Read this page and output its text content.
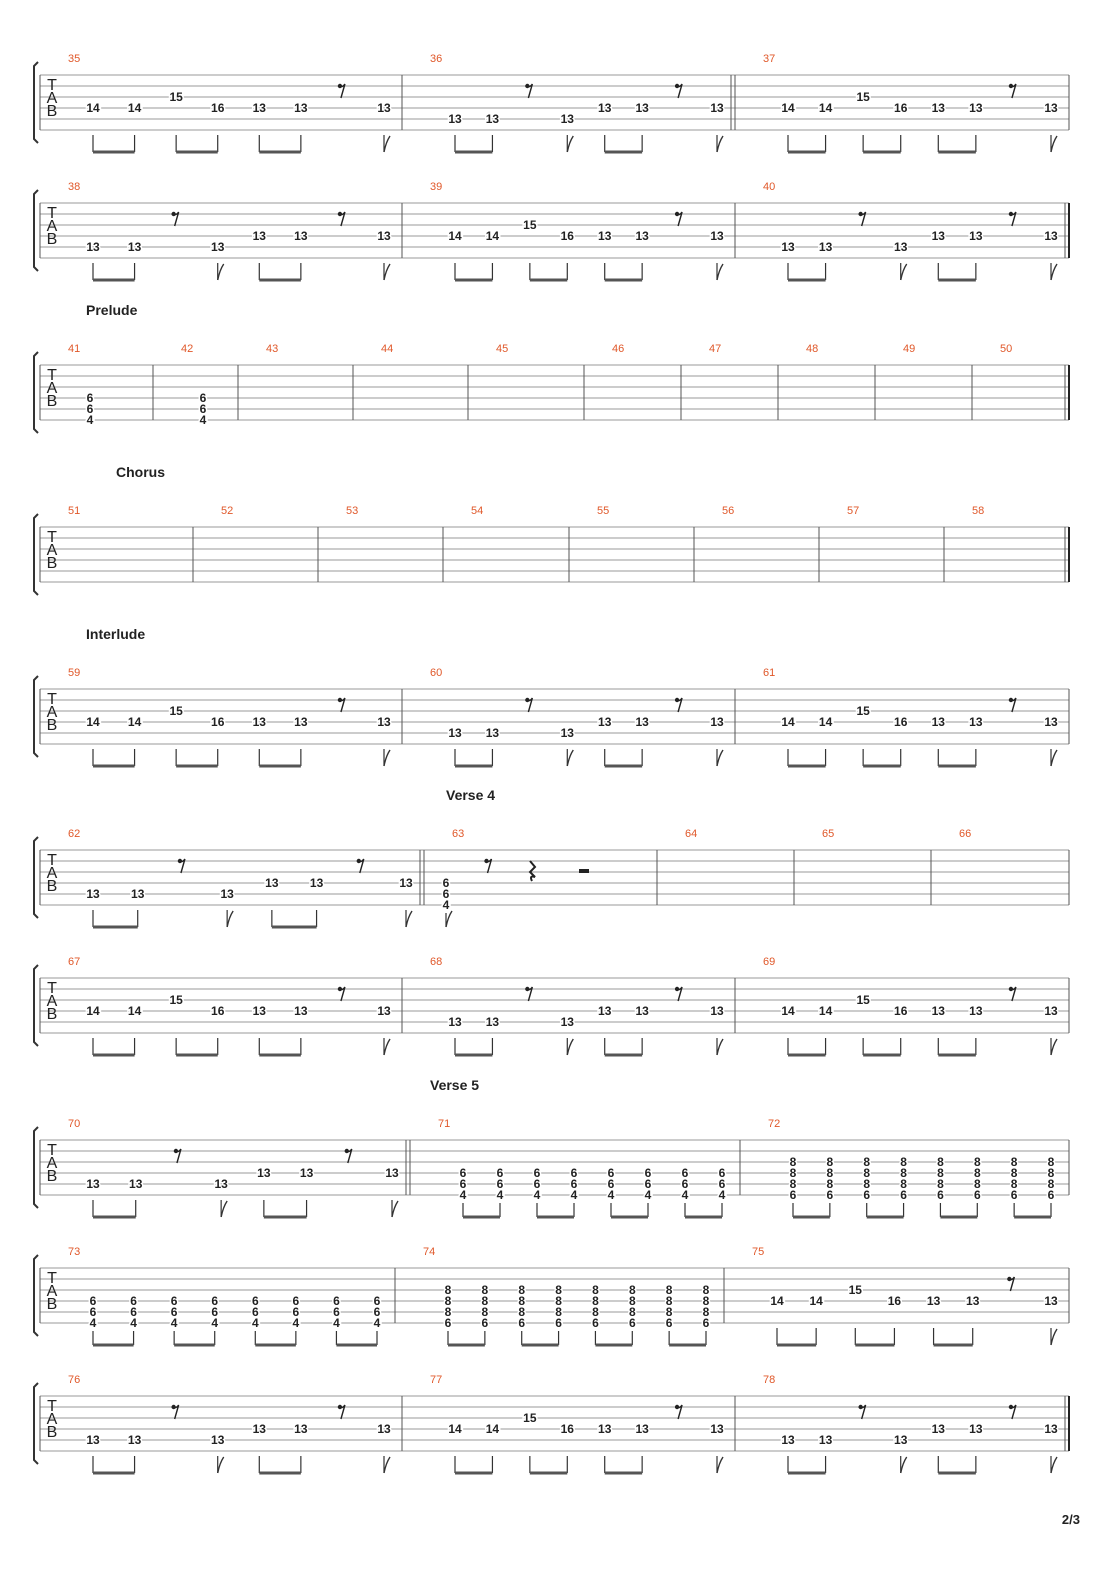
T
A
B
35
14 14
15
16 13 13	13
36
13 13	13
13 13	13
37
14 14
15
16 13 13	13
T
A
B
38
13 13	13
13 13	13
39
14 14
15
16 13 13	13
40
13 13	13
13 13	13
Prelude
T
A
B
41
6
6
4
42
6
6
4
43	44	45	46	47	48	49	50
Chorus
T
A
B
51	52	53	54	55	56	57	58
Interlude
T
A
B
59
14 14
15
16 13 13	13
60
13 13	13
13 13	13
61
14 14
15
16 13 13	13
Verse 4
T
A
B
62
13	13	13
13	13	13
63
6
6
4
64	65	66
T
A
B
67
14 14
15
16 13 13	13
68
13 13	13
13 13	13
69
14 14
15
16 13 13	13
Verse 5
T
A
B
70
13 13	13
13 13	13
71
6
6
4
6
6
4
6
6
4
6
6
4
6
6
4
6
6
4
6
6
4
6
6
4
72
8
8
8
6
8
8
8
6
8
8
8
6
8
8
8
6
8
8
8
6
8
8
8
6
8
8
8
6
8
8
8
6
T
A
B
73
6
6
4
6
6
4
6
6
4
6
6
4
6
6
4
6
6
4
6
6
4
6
6
4
74
8
8
8
6
8
8
8
6
8
8
8
6
8
8
8
6
8
8
8
6
8
8
8
6
8
8
8
6
8
8
8
6
75
14 14
15
16 13 13	13
T
A
B
76
13 13	13
13 13	13
77
14 14
15
16 13 13	13
78
13 13	13
13 13	13
2/3
